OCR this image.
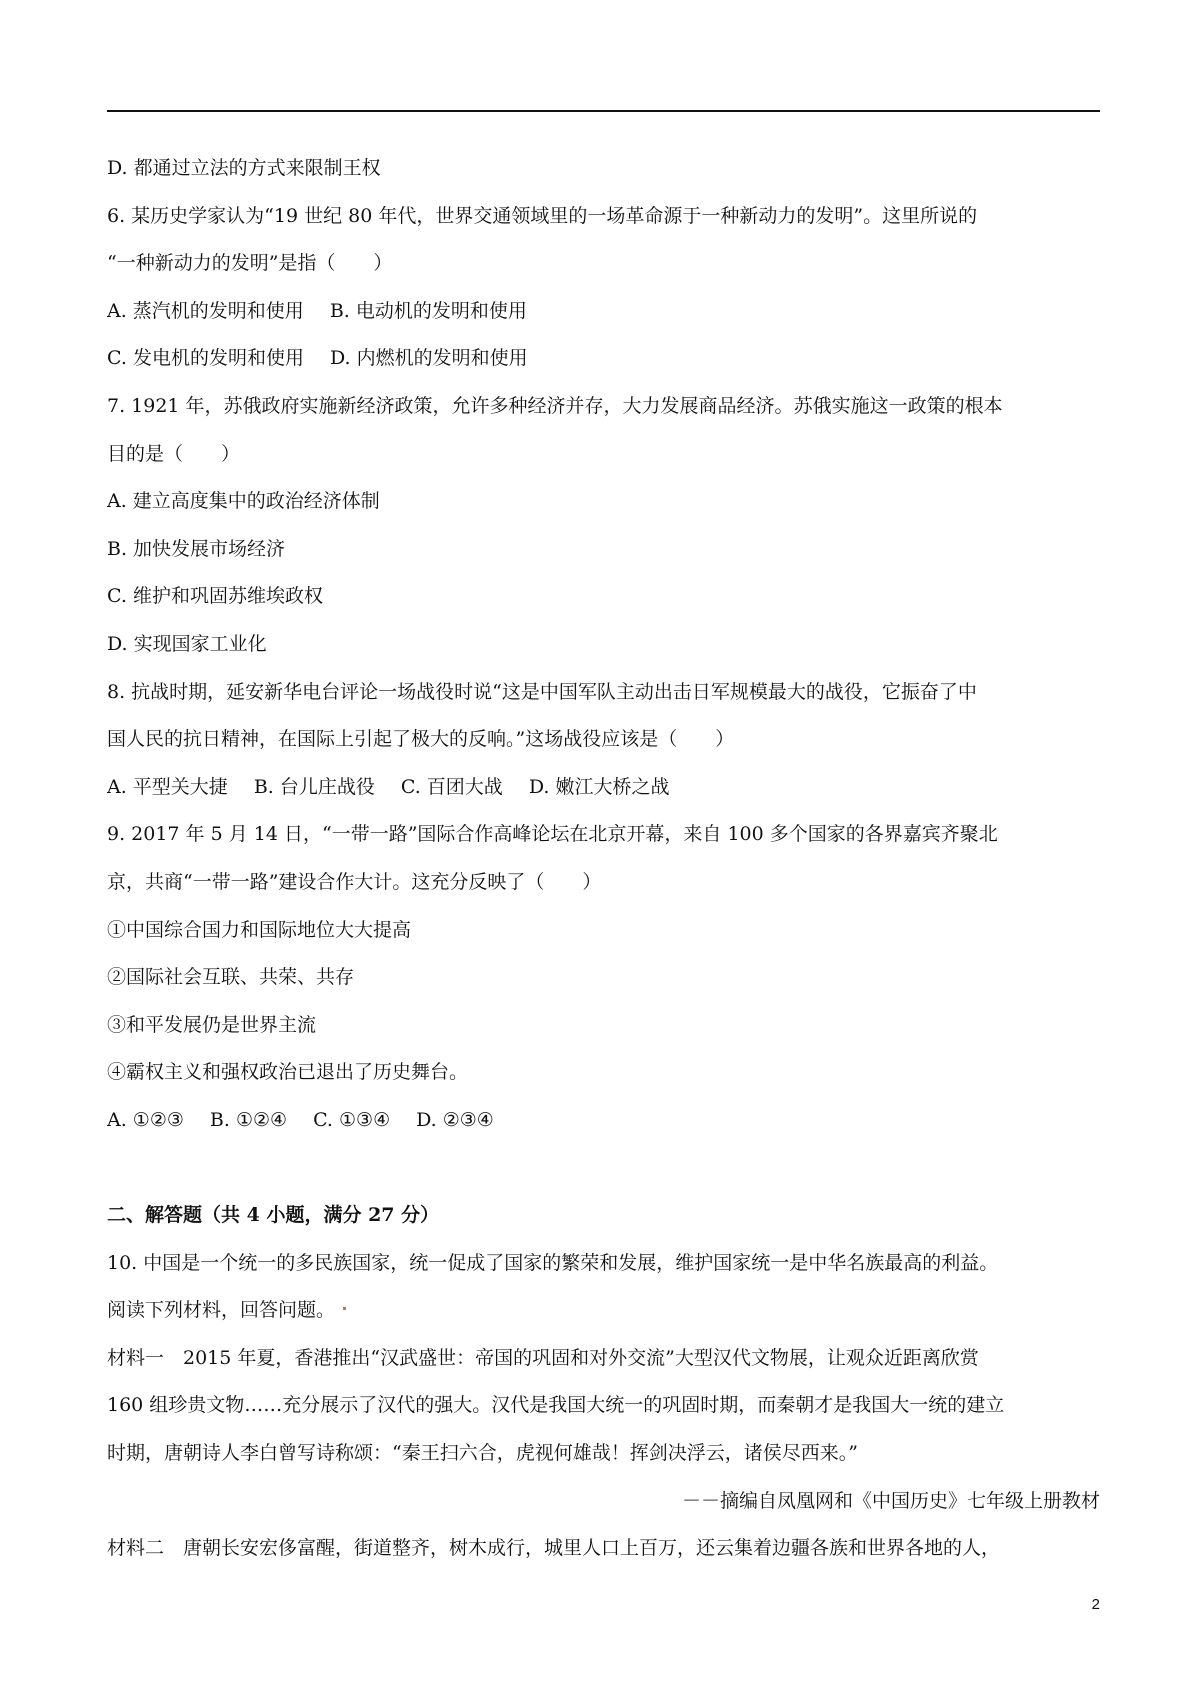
D. 都通过立法的方式来限制王权
6. 某历史学家认为“19 世纪 80 年代，世界交通领域里的一场革命源于一种新动力的发明”。这里所说的
“一种新动力的发明”是指（　　）
A. 蒸汽机的发明和使用 B. 电动机的发明和使用
C. 发电机的发明和使用 D. 内燃机的发明和使用
7. 1921 年，苏俄政府实施新经济政策，允许多种经济并存，大力发展商品经济。苏俄实施这一政策的根本
目的是（　　）
A. 建立高度集中的政治经济体制
B. 加快发展市场经济
C. 维护和巩固苏维埃政权
D. 实现国家工业化
8. 抗战时期，延安新华电台评论一场战役时说“这是中国军队主动出击日军规模最大的战役，它振奋了中
国人民的抗日精神，在国际上引起了极大的反响。”这场战役应该是（　　）
A. 平型关大捷 B. 台儿庄战役 C. 百团大战 D. 嫩江大桥之战
9. 2017 年 5 月 14 日，“一带一路”国际合作高峰论坛在北京开幕，来自 100 多个国家的各界嘉宾齐聚北
京，共商“一带一路”建设合作大计。这充分反映了（　　）
①中国综合国力和国际地位大大提高
②国际社会互联、共荣、共存
③和平发展仍是世界主流
④霸权主义和强权政治已退出了历史舞台。
A. ①②③ B. ①②④ C. ①③④ D. ②③④
二、解答题（共 4 小题，满分 27 分）
10. 中国是一个统一的多民族国家，统一促成了国家的繁荣和发展，维护国家统一是中华名族最高的利益。
阅读下列材料，回答问题。
材料一　2015 年夏，香港推出“汉武盛世：帝国的巩固和对外交流”大型汉代文物展，让观众近距离欣赏
160 组珍贵文物……充分展示了汉代的强大。汉代是我国大统一的巩固时期，而秦朝才是我国大一统的建立
时期，唐朝诗人李白曾写诗称颂：“秦王扫六合，虎视何雄哉！挥剑决浮云，诸侯尽西来。”
－－摘编自凤凰网和《中国历史》七年级上册教材
材料二　唐朝长安宏侈富醒，街道整齐，树木成行，城里人口上百万，还云集着边疆各族和世界各地的人，
2
